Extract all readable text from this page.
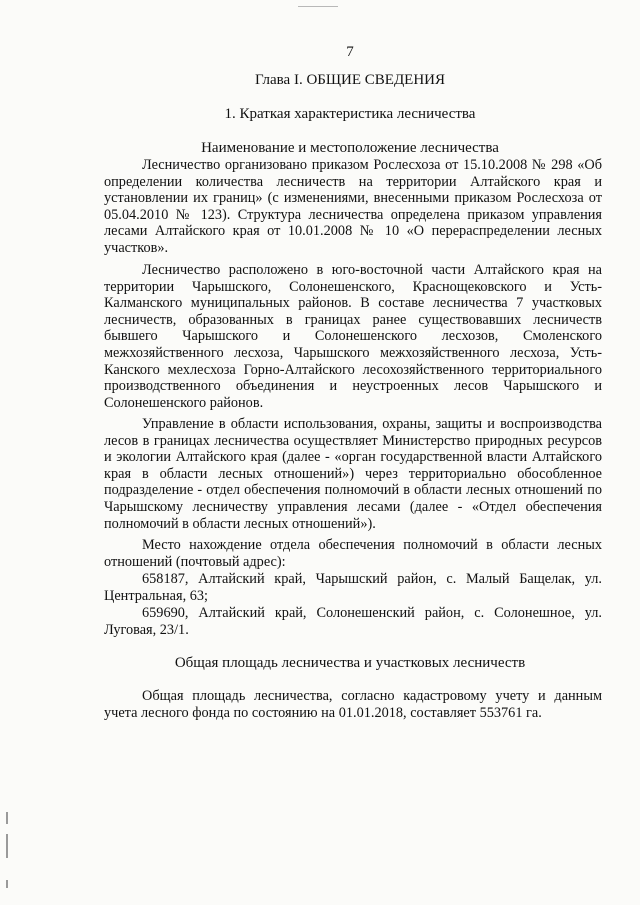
7
Глава I. ОБЩИЕ СВЕДЕНИЯ
1. Краткая характеристика лесничества
Наименование и местоположение лесничества
Лесничество организовано приказом Рослесхоза от 15.10.2008 № 298 «Об определении количества лесничеств на территории Алтайского края и установлении их границ» (с изменениями, внесенными приказом Рослесхоза от 05.04.2010 № 123). Структура лесничества определена приказом управления лесами Алтайского края от 10.01.2008 № 10 «О перераспределении лесных участков».
Лесничество расположено в юго-восточной части Алтайского края на территории Чарышского, Солонешенского, Краснощековского и Усть-Калманского муниципальных районов. В составе лесничества 7 участковых лесничеств, образованных в границах ранее существовавших лесничеств бывшего Чарышского и Солонешенского лесхозов, Смоленского межхозяйственного лесхоза, Чарышского межхозяйственного лесхоза, Усть-Канского мехлесхоза Горно-Алтайского лесохозяйственного территориального производственного объединения и неустроенных лесов Чарышского и Солонешенского районов.
Управление в области использования, охраны, защиты и воспроизводства лесов в границах лесничества осуществляет Министерство природных ресурсов и экологии Алтайского края (далее - «орган государственной власти Алтайского края в области лесных отношений») через территориально обособленное подразделение - отдел обеспечения полномочий в области лесных отношений по Чарышскому лесничеству управления лесами (далее - «Отдел обеспечения полномочий в области лесных отношений»).
Место нахождение отдела обеспечения полномочий в области лесных отношений (почтовый адрес):
658187, Алтайский край, Чарышский район, с. Малый Бащелак, ул. Центральная, 63;
659690, Алтайский край, Солонешенский район, с. Солонешное, ул. Луговая, 23/1.
Общая площадь лесничества и участковых лесничеств
Общая площадь лесничества, согласно кадастровому учету и данным учета лесного фонда по состоянию на 01.01.2018, составляет 553761 га.
